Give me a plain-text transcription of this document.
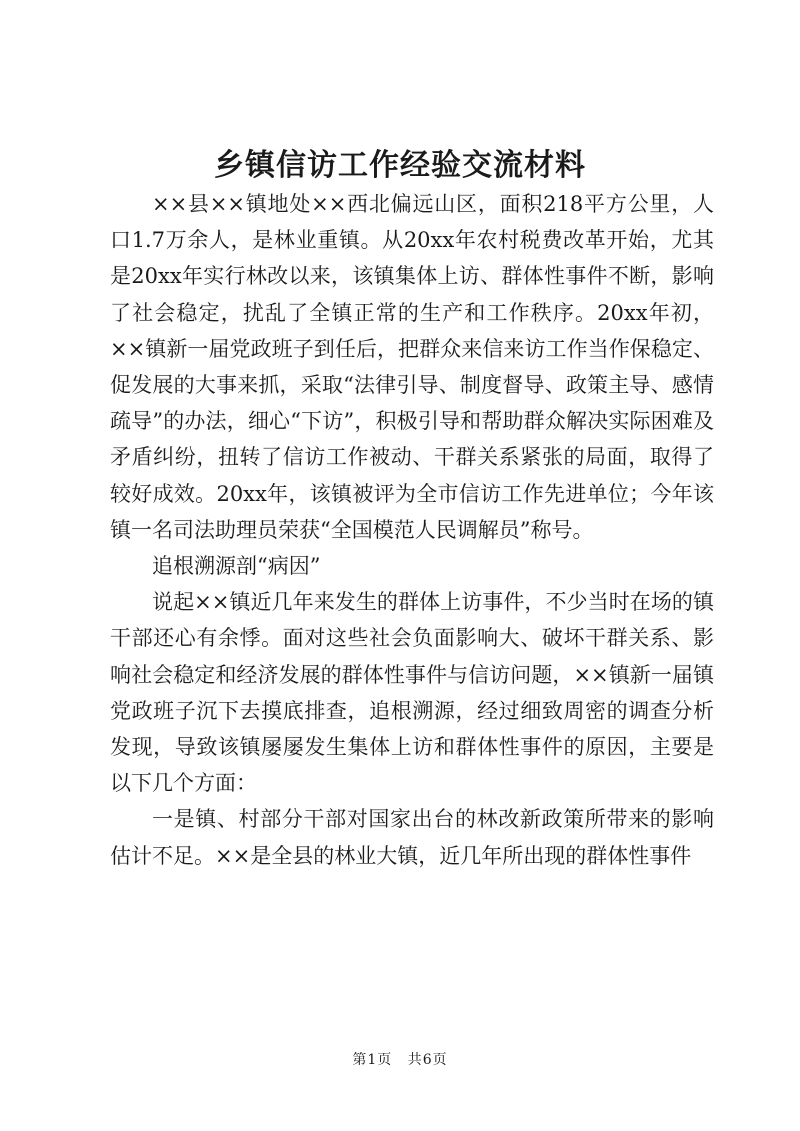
乡镇信访工作经验交流材料

××县××镇地处××西北偏远山区，面积218平方公里，人口1.7万余人，是林业重镇。从20xx年农村税费改革开始，尤其是20xx年实行林改以来，该镇集体上访、群体性事件不断，影响了社会稳定，扰乱了全镇正常的生产和工作秩序。20xx年初，××镇新一届党政班子到任后，把群众来信来访工作当作保稳定、促发展的大事来抓，采取“法律引导、制度督导、政策主导、感情疏导”的办法，细心“下访”，积极引导和帮助群众解决实际困难及矛盾纠纷，扭转了信访工作被动、干群关系紧张的局面，取得了较好成效。20xx年，该镇被评为全市信访工作先进单位；今年该镇一名司法助理员荣获“全国模范人民调解员”称号。

追根溯源剖“病因”

说起××镇近几年来发生的群体上访事件，不少当时在场的镇干部还心有余悸。面对这些社会负面影响大、破坏干群关系、影响社会稳定和经济发展的群体性事件与信访问题，××镇新一届镇党政班子沉下去摸底排查，追根溯源，经过细致周密的调查分析发现，导致该镇屡屡发生集体上访和群体性事件的原因，主要是以下几个方面：

一是镇、村部分干部对国家出台的林改新政策所带来的影响估计不足。××是全县的林业大镇，近几年所出现的群体性事件

第1页 共6页
